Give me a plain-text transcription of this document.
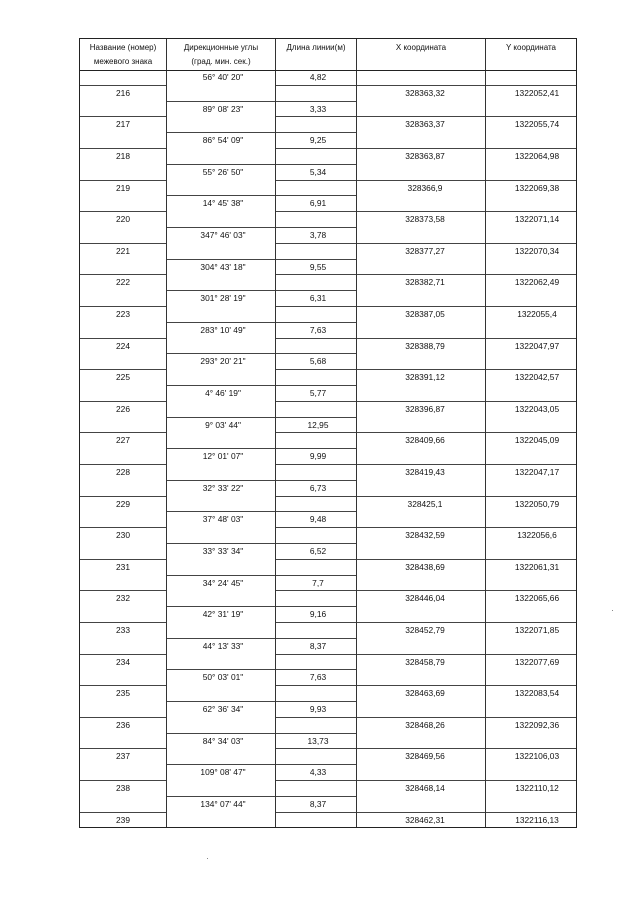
Название (номер)
межевого знака
Дирекционные углы
(град. мин. сек.)
Длина линии(м)	X координата	Y координата
56° 40' 20"	4,82
216	328363,32	1322052,41
89° 08' 23"	3,33
217	328363,37	1322055,74
86° 54' 09"	9,25
218	328363,87	1322064,98
55° 26' 50"	5,34
219	328366,9	1322069,38
14° 45' 38"	6,91
220	328373,58	1322071,14
347° 46' 03"	3,78
221	328377,27	1322070,34
304° 43' 18"	9,55
222	328382,71	1322062,49
301° 28' 19"	6,31
223	328387,05	1322055,4
283° 10' 49"	7,63
224	328388,79	1322047,97
293° 20' 21"	5,68
225	328391,12	1322042,57
4° 46' 19"	5,77
226	328396,87	1322043,05
9° 03' 44"	12,95
227	328409,66	1322045,09
12° 01' 07"	9,99
228	328419,43	1322047,17
32° 33' 22"	6,73
229	328425,1	1322050,79
37° 48' 03"	9,48
230	328432,59	1322056,6
33° 33' 34"	6,52
231	328438,69	1322061,31
34° 24' 45"	7,7
232	328446,04	1322065,66
42° 31' 19"	9,16
233	328452,79	1322071,85
44° 13' 33"	8,37
234	328458,79	1322077,69
50° 03' 01"	7,63
235	328463,69	1322083,54
62° 36' 34"	9,93
236	328468,26	1322092,36
84° 34' 03"	13,73
237	328469,56	1322106,03
109° 08' 47"	4,33
238	328468,14	1322110,12
134° 07' 44"	8,37
239	328462,31	1322116,13
